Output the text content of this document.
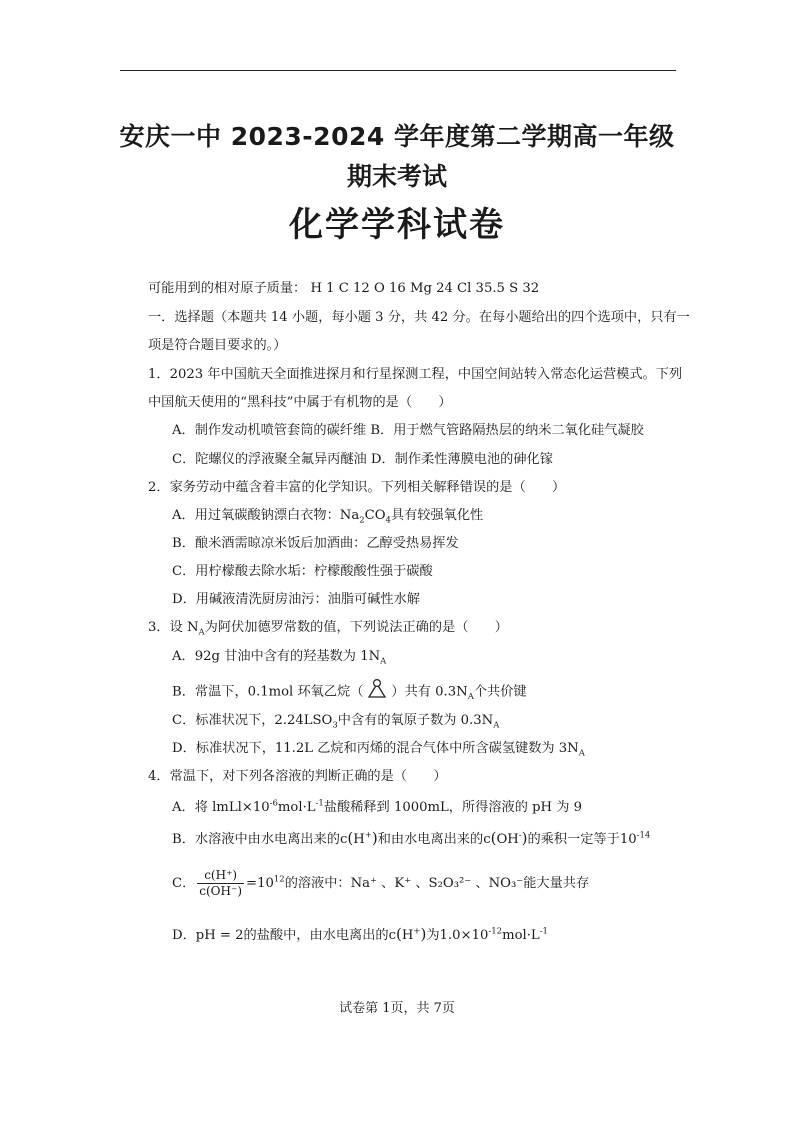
安庆一中 2023-2024 学年度第二学期高一年级
期末考试
化学学科试卷
可能用到的相对原子质量： H 1 C 12 O 16 Mg 24 Cl 35.5 S 32
一．选择题（本题共 14 小题，每小题 3 分，共 42 分。在每小题给出的四个选项中，只有一
项是符合题目要求的。）
1．2023 年中国航天全面推进探月和行星探测工程，中国空间站转入常态化运营模式。下列
中国航天使用的“黑科技”中属于有机物的是（　　）
A．制作发动机喷管套筒的碳纤维 B．用于燃气管路隔热层的纳米二氧化硅气凝胶
C．陀螺仪的浮液聚全氟异丙醚油 D．制作柔性薄膜电池的砷化镓
2．家务劳动中蕴含着丰富的化学知识。下列相关解释错误的是（　　）
A．用过氧碳酸钠漂白衣物：$Na_2CO_4$具有较强氧化性
B．酿米酒需晾凉米饭后加酒曲：乙醇受热易挥发
C．用柠檬酸去除水垢：柠檬酸酸性强于碳酸
D．用碱液清洗厨房油污：油脂可碱性水解
3．设 $N_A$为阿伏加德罗常数的值，下列说法正确的是（　　）
A．92g 甘油中含有的羟基数为 $1N_A$
B．常温下，0.1mol 环氧乙烷（ ）共有 $0.3N_A$个共价键
C．标准状况下，$2.24LSO_3$中含有的氧原子数为 $0.3N_A$
D．标准状况下，11.2L 乙烷和丙烯的混合气体中所含碳氢键数为 $3N_A$
4．常温下，对下列各溶液的判断正确的是（　　）
A．将 $lmLl\times 10^{-6}mol\cdot L^{-1}$盐酸稀释到 1000mL，所得溶液的 pH 为 9
B．水溶液中由水电离出来的c(H+)和由水电离出来的c(OH-)的乘积一定等于$10^{-14}$
C． $\frac{c(H^+)}{c(OH^-)} =10^{12}$的溶液中：Na⁺ 、K⁺ 、S₂O₃²⁻ 、NO₃⁻能大量共存
D．pH = 2的盐酸中，由水电离出的c(H+)为$1.0\times 10^{-12}mol\cdot L^{-1}$
试卷第 1页，共 7页
